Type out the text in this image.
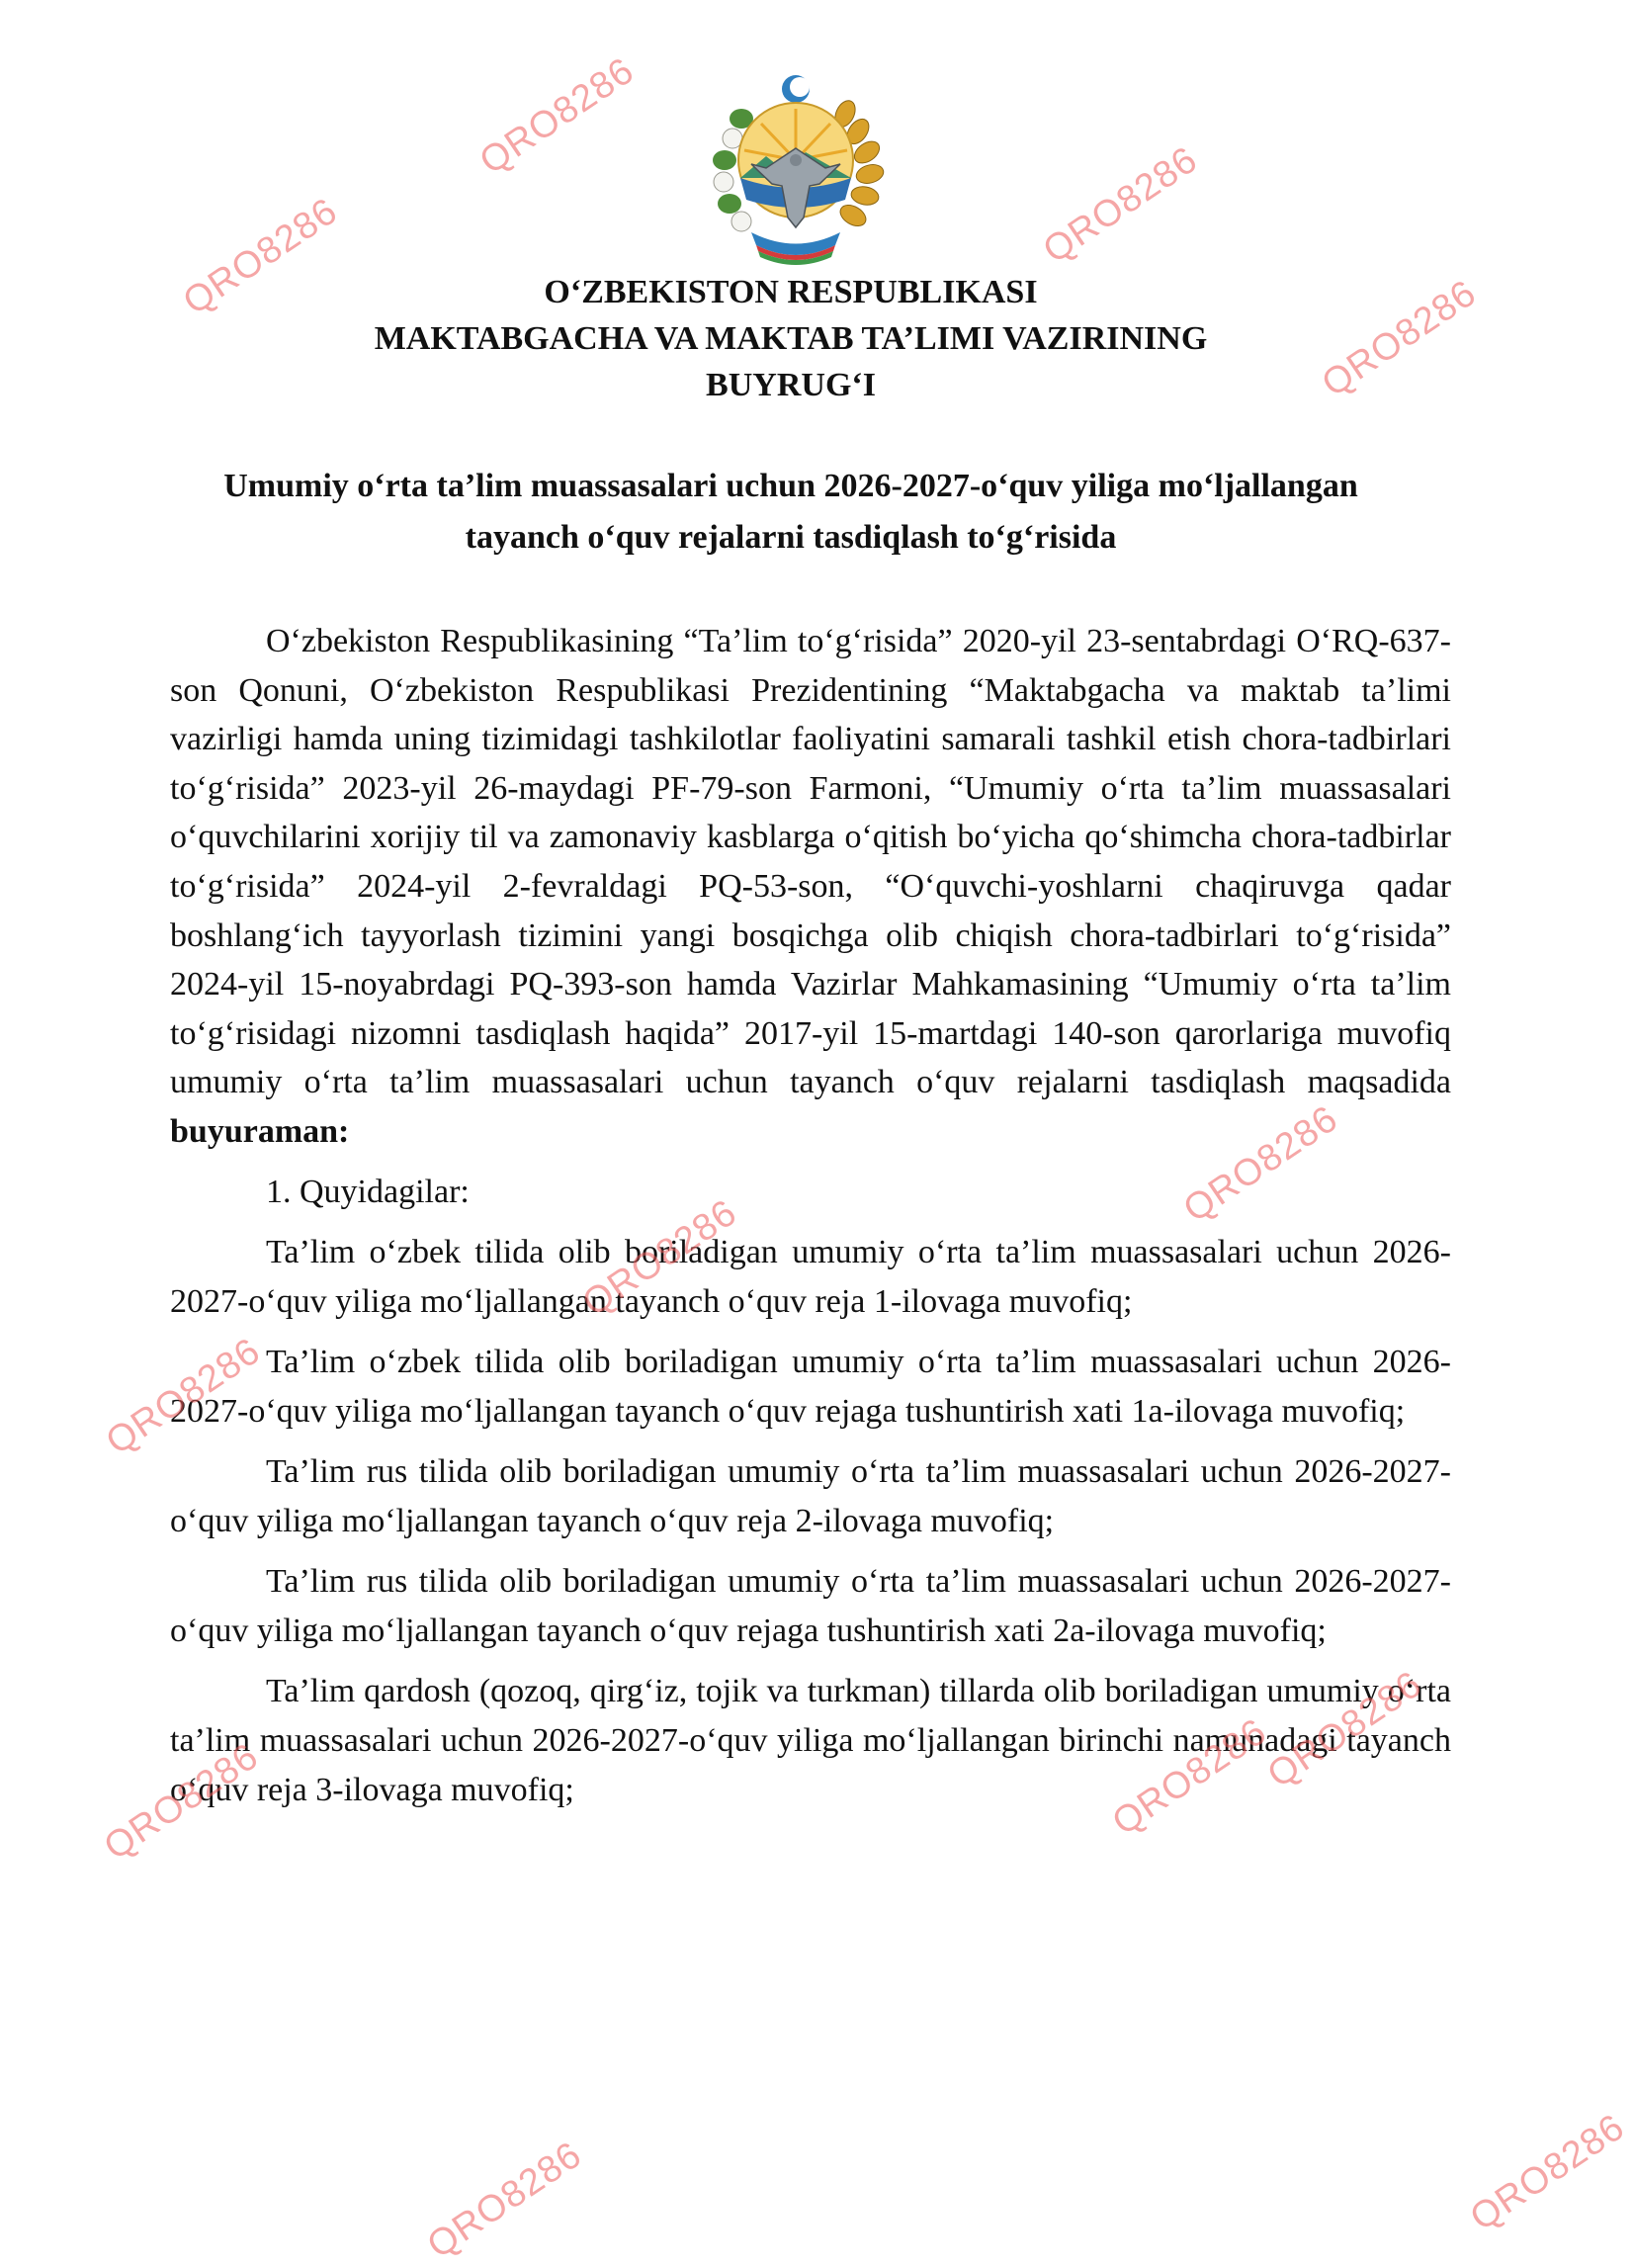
O‘ZBEKISTON RESPUBLIKASI
MAKTABGACHA VA MAKTAB TA’LIMI VAZIRINING
BUYRUG‘I
Umumiy o‘rta ta’lim muassasalari uchun 2026-2027-o‘quv yiliga mo‘ljallangan
tayanch o‘quv rejalarni tasdiqlash to‘g‘risida

O‘zbekiston Respublikasining “Ta’lim to‘g‘risida” 2020-yil 23-sentabrdagi O‘RQ-637-son Qonuni, O‘zbekiston Respublikasi Prezidentining “Maktabgacha va maktab ta’limi vazirligi hamda uning tizimidagi tashkilotlar faoliyatini samarali tashkil etish chora-tadbirlari to‘g‘risida” 2023-yil 26-maydagi PF-79-son Farmoni, “Umumiy o‘rta ta’lim muassasalari o‘quvchilarini xorijiy til va zamonaviy kasblarga o‘qitish bo‘yicha qo‘shimcha chora-tadbirlar to‘g‘risida” 2024-yil 2-fevraldagi PQ-53-son, “O‘quvchi-yoshlarni chaqiruvga qadar boshlang‘ich tayyorlash tizimini yangi bosqichga olib chiqish chora-tadbirlari to‘g‘risida” 2024-yil 15-noyabrdagi PQ-393-son hamda Vazirlar Mahkamasining “Umumiy o‘rta ta’lim to‘g‘risidagi nizomni tasdiqlash haqida” 2017-yil 15-martdagi 140-son qarorlariga muvofiq umumiy o‘rta ta’lim muassasalari uchun tayanch o‘quv rejalarni tasdiqlash maqsadida buyuraman:

1. Quyidagilar:

Ta’lim o‘zbek tilida olib boriladigan umumiy o‘rta ta’lim muassasalari uchun 2026-2027-o‘quv yiliga mo‘ljallangan tayanch o‘quv reja 1-ilovaga muvofiq;

Ta’lim o‘zbek tilida olib boriladigan umumiy o‘rta ta’lim muassasalari uchun 2026-2027-o‘quv yiliga mo‘ljallangan tayanch o‘quv rejaga tushuntirish xati 1a-ilovaga muvofiq;

Ta’lim rus tilida olib boriladigan umumiy o‘rta ta’lim muassasalari uchun 2026-2027-o‘quv yiliga mo‘ljallangan tayanch o‘quv reja 2-ilovaga muvofiq;

Ta’lim rus tilida olib boriladigan umumiy o‘rta ta’lim muassasalari uchun 2026-2027-o‘quv yiliga mo‘ljallangan tayanch o‘quv rejaga tushuntirish xati 2a-ilovaga muvofiq;

Ta’lim qardosh (qozoq, qirg‘iz, tojik va turkman) tillarda olib boriladigan umumiy o‘rta ta’lim muassasalari uchun 2026-2027-o‘quv yiliga mo‘ljallangan birinchi namunadagi tayanch o‘quv reja 3-ilovaga muvofiq;

QRO8286
QRO8286
QRO8286
QRO8286
QRO8286
QRO8286
QRO8286
QRO8286	QRO8286
QRO8286
QRO8286
QRO8286
